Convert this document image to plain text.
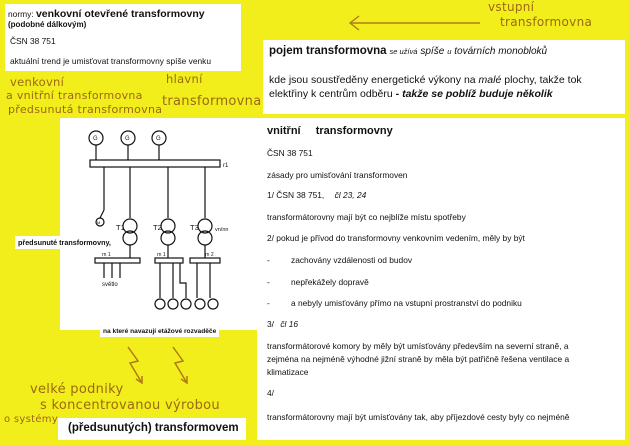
normy: venkovní otevřené transformovny (podobné dálkovým)
ČSN 38 751
aktuální trend je umisťovat transformovny spíše venku
vstupní
transformovna
venkovní
a vnitřní transformovna
předsunutá transformovna
hlavní
transformovna
pojem transformovna se užívá spíše u továrních monobloků
kde jsou soustředěny energetické výkony na malé plochy, takže tok elektřiny k centrům odběru - takže se poblíž buduje několik
G	G	G
r1
M
T1	T2	T3	vn/nn
rn 1	rn 1	rn 2
světlo
předsunuté transformovny,
na které navazují etážové rozvaděče
velké podniky
s koncentrovanou výrobou
o systémy
(předsunutých) transformovem
vnitřní transformovny
ČSN 38 751
zásady pro umisťování transformoven
1/ ČSN 38 751, čl 23, 24
transformátorovny mají být co nejblíže místu spotřeby
2/ pokud je přívod do transformovny venkovním vedením, měly by být
-	zachovány vzdálenosti od budov
-	nepřekážely dopravě
-	a nebyly umisťovány přímo na vstupní prostranství do podniku
3/ čl 16
transformátorové komory by měly být umísťovány především na severní straně, a
zejména na nejméně výhodné jižní straně by měla být patřičně řešena ventilace a
klimatizace
4/
transformátorovny mají být umísťovány tak, aby příjezdové cesty byly co nejméně
